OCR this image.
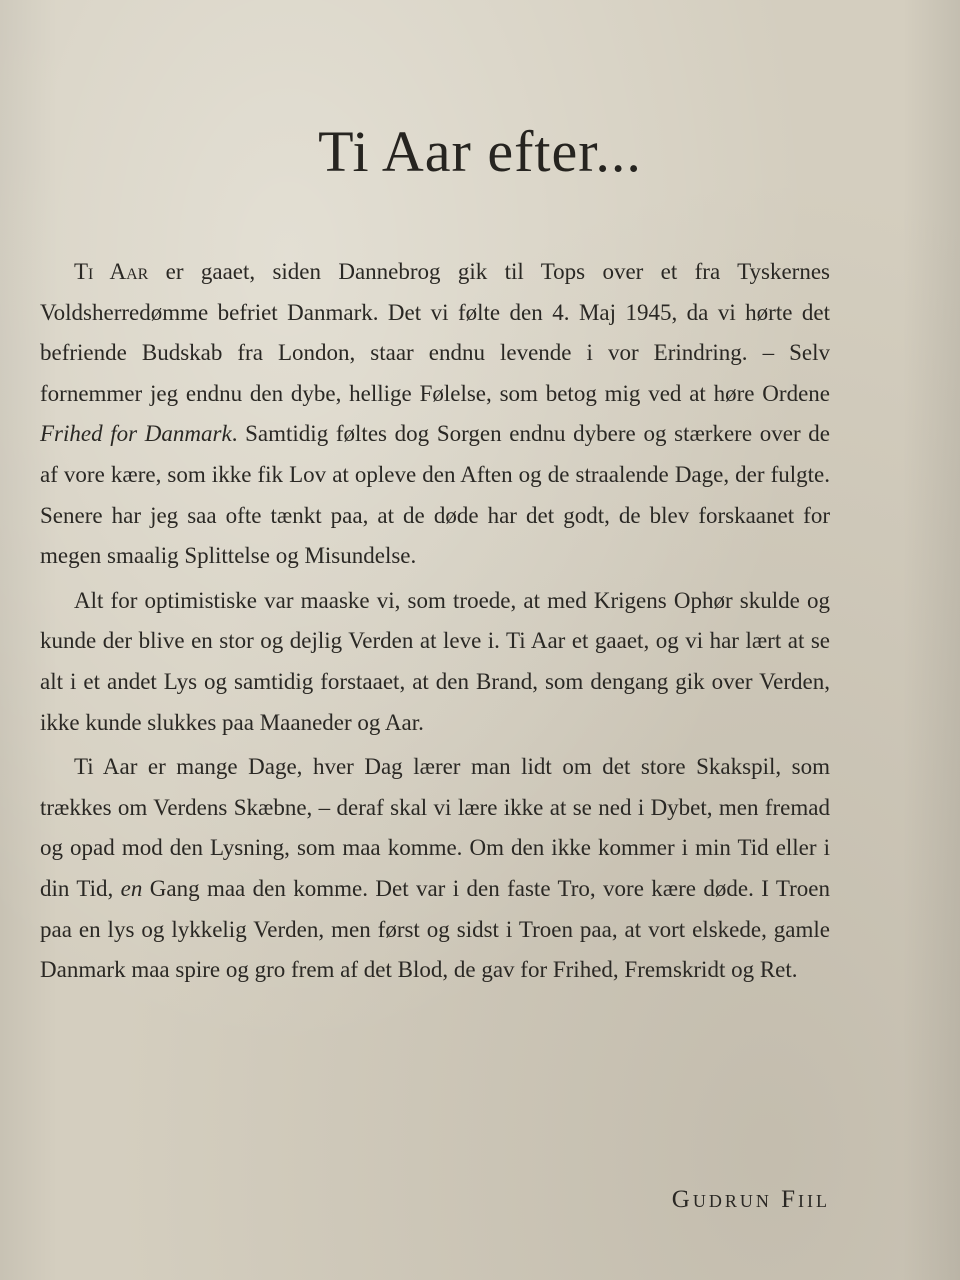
Ti Aar efter...

Ti Aar er gaaet, siden Dannebrog gik til Tops over et fra Tyskernes Voldsherredømme befriet Danmark. Det vi følte den 4. Maj 1945, da vi hørte det befriende Budskab fra London, staar endnu levende i vor Erindring. – Selv fornemmer jeg endnu den dybe, hellige Følelse, som betog mig ved at høre Ordene Frihed for Danmark. Samtidig føltes dog Sorgen endnu dybere og stærkere over de af vore kære, som ikke fik Lov at opleve den Aften og de straalende Dage, der fulgte. Senere har jeg saa ofte tænkt paa, at de døde har det godt, de blev forskaanet for megen smaalig Splittelse og Misundelse.

Alt for optimistiske var maaske vi, som troede, at med Krigens Ophør skulde og kunde der blive en stor og dejlig Verden at leve i. Ti Aar et gaaet, og vi har lært at se alt i et andet Lys og samtidig forstaaet, at den Brand, som dengang gik over Verden, ikke kunde slukkes paa Maaneder og Aar.

Ti Aar er mange Dage, hver Dag lærer man lidt om det store Skakspil, som trækkes om Verdens Skæbne, – deraf skal vi lære ikke at se ned i Dybet, men fremad og opad mod den Lysning, som maa komme. Om den ikke kommer i min Tid eller i din Tid, en Gang maa den komme. Det var i den faste Tro, vore kære døde. I Troen paa en lys og lykkelig Verden, men først og sidst i Troen paa, at vort elskede, gamle Danmark maa spire og gro frem af det Blod, de gav for Frihed, Fremskridt og Ret.

Gudrun Fiil
